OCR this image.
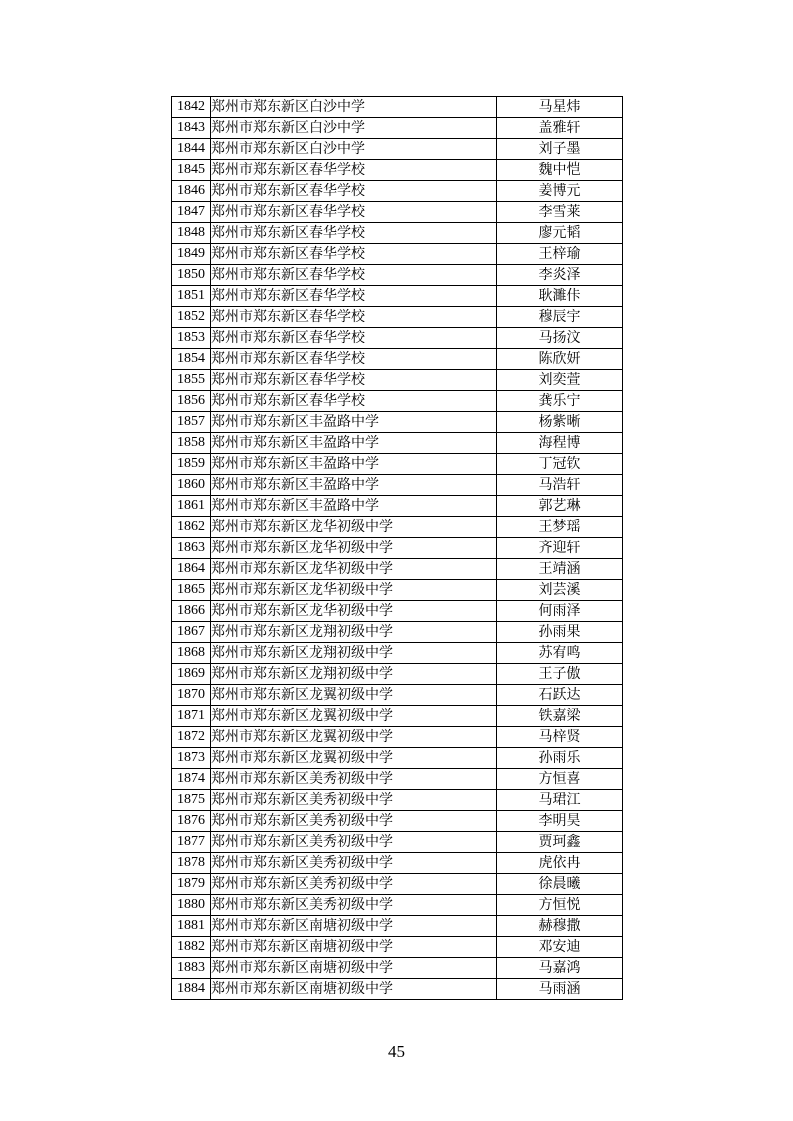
1842	郑州市郑东新区白沙中学	马星炜
1843	郑州市郑东新区白沙中学	盖雅轩
1844	郑州市郑东新区白沙中学	刘子墨
1845	郑州市郑东新区春华学校	魏中恺
1846	郑州市郑东新区春华学校	姜博元
1847	郑州市郑东新区春华学校	李雪莱
1848	郑州市郑东新区春华学校	廖元韬
1849	郑州市郑东新区春华学校	王梓瑜
1850	郑州市郑东新区春华学校	李炎泽
1851	郑州市郑东新区春华学校	耿濉佧
1852	郑州市郑东新区春华学校	穆辰宇
1853	郑州市郑东新区春华学校	马扬汶
1854	郑州市郑东新区春华学校	陈欣妍
1855	郑州市郑东新区春华学校	刘奕萱
1856	郑州市郑东新区春华学校	龚乐宁
1857	郑州市郑东新区丰盈路中学	杨紫晰
1858	郑州市郑东新区丰盈路中学	海程博
1859	郑州市郑东新区丰盈路中学	丁冠钦
1860	郑州市郑东新区丰盈路中学	马浩轩
1861	郑州市郑东新区丰盈路中学	郭艺琳
1862	郑州市郑东新区龙华初级中学	王梦瑶
1863	郑州市郑东新区龙华初级中学	齐迎轩
1864	郑州市郑东新区龙华初级中学	王靖涵
1865	郑州市郑东新区龙华初级中学	刘芸溪
1866	郑州市郑东新区龙华初级中学	何雨泽
1867	郑州市郑东新区龙翔初级中学	孙雨果
1868	郑州市郑东新区龙翔初级中学	苏宥鸣
1869	郑州市郑东新区龙翔初级中学	王子傲
1870	郑州市郑东新区龙翼初级中学	石跃达
1871	郑州市郑东新区龙翼初级中学	铁嘉梁
1872	郑州市郑东新区龙翼初级中学	马梓贤
1873	郑州市郑东新区龙翼初级中学	孙雨乐
1874	郑州市郑东新区美秀初级中学	方恒喜
1875	郑州市郑东新区美秀初级中学	马珺江
1876	郑州市郑东新区美秀初级中学	李明昊
1877	郑州市郑东新区美秀初级中学	贾珂鑫
1878	郑州市郑东新区美秀初级中学	虎依冉
1879	郑州市郑东新区美秀初级中学	徐晨曦
1880	郑州市郑东新区美秀初级中学	方恒悦
1881	郑州市郑东新区南塘初级中学	赫穆撒
1882	郑州市郑东新区南塘初级中学	邓安迪
1883	郑州市郑东新区南塘初级中学	马嘉鸿
1884	郑州市郑东新区南塘初级中学	马雨涵
45
